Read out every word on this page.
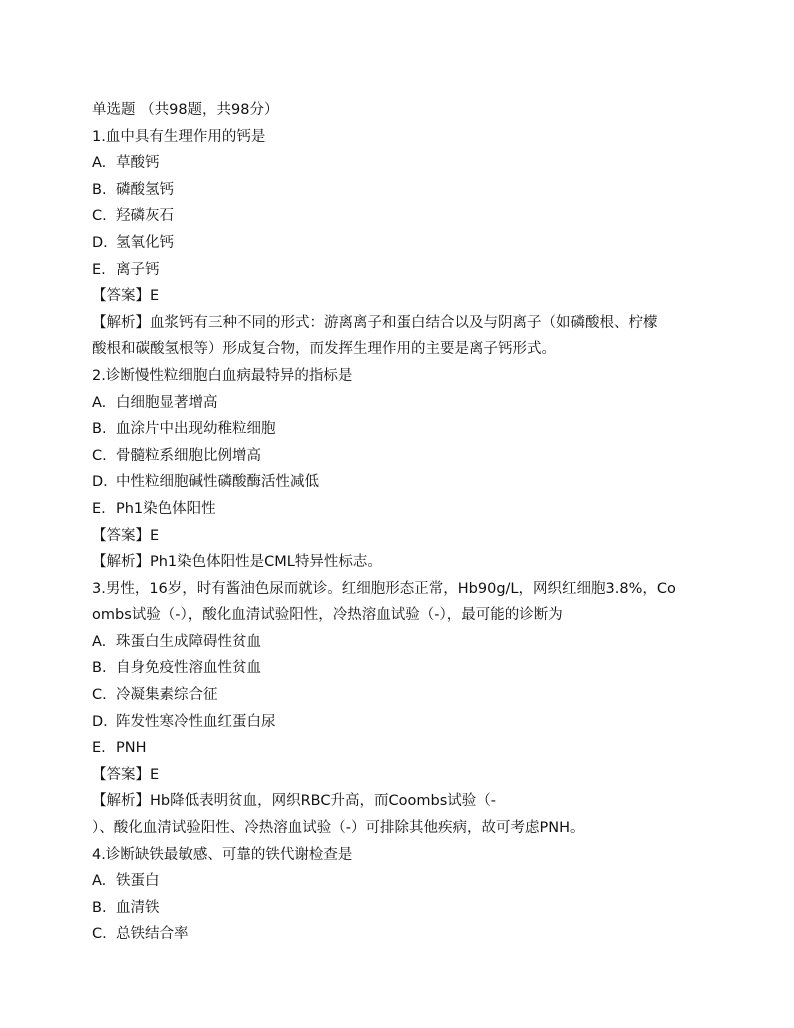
单选题 （共98题，共98分）
1.血中具有生理作用的钙是
A. 草酸钙
B. 磷酸氢钙
C. 羟磷灰石
D. 氢氧化钙
E. 离子钙
【答案】E
【解析】血浆钙有三种不同的形式：游离离子和蛋白结合以及与阴离子（如磷酸根、柠檬
酸根和碳酸氢根等）形成复合物，而发挥生理作用的主要是离子钙形式。
2.诊断慢性粒细胞白血病最特异的指标是
A. 白细胞显著增高
B. 血涂片中出现幼稚粒细胞
C. 骨髓粒系细胞比例增高
D. 中性粒细胞碱性磷酸酶活性减低
E. Ph1染色体阳性
【答案】E
【解析】Ph1染色体阳性是CML特异性标志。
3.男性，16岁，时有酱油色尿而就诊。红细胞形态正常，Hb90g/L，网织红细胞3.8%，Co
ombs试验（-），酸化血清试验阳性，冷热溶血试验（-），最可能的诊断为
A. 珠蛋白生成障碍性贫血
B. 自身免疫性溶血性贫血
C. 冷凝集素综合征
D. 阵发性寒冷性血红蛋白尿
E. PNH
【答案】E
【解析】Hb降低表明贫血，网织RBC升高，而Coombs试验（-
）、酸化血清试验阳性、冷热溶血试验（-）可排除其他疾病，故可考虑PNH。
4.诊断缺铁最敏感、可靠的铁代谢检查是
A. 铁蛋白
B. 血清铁
C. 总铁结合率
